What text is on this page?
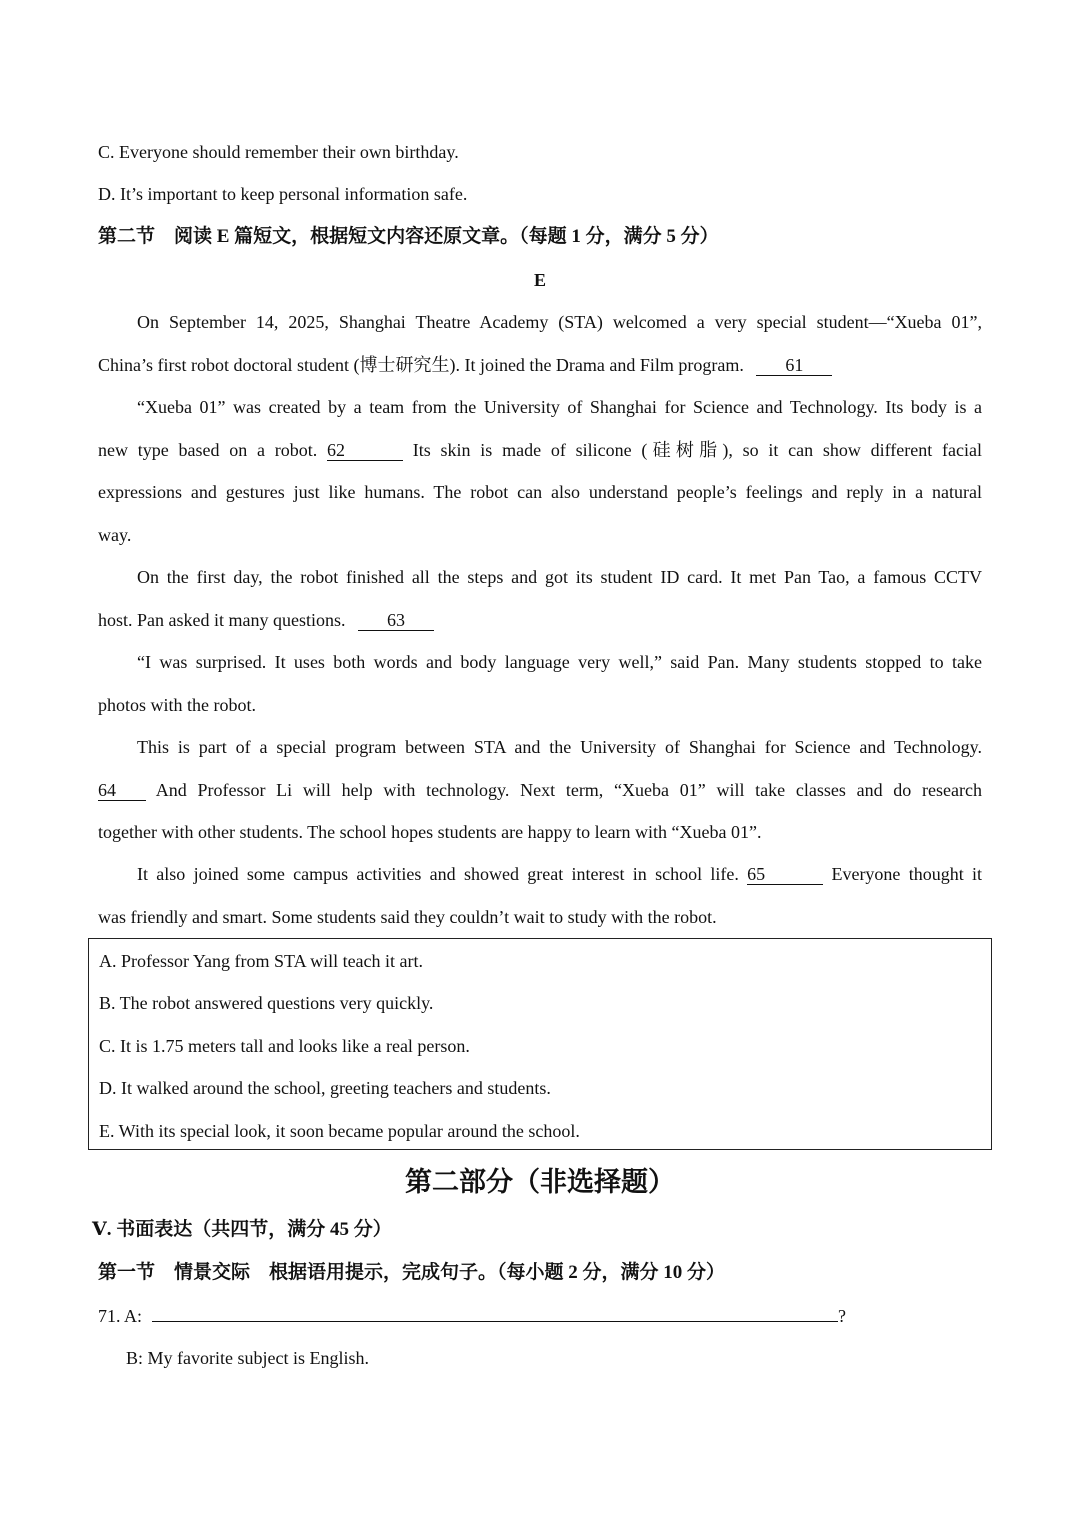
C. Everyone should remember their own birthday.
D. It’s important to keep personal information safe.
第二节　阅读 E 篇短文，根据短文内容还原文章。（每题 1 分，满分 5 分）
E
On September 14, 2025, Shanghai Theatre Academy (STA) welcomed a very special student—“Xueba 01”,
China’s first robot doctoral student (博士研究生). It joined the Drama and Film program. 61
“Xueba 01” was created by a team from the University of Shanghai for Science and Technology. Its body is a
new type based on a robot. 62	Its skin is made of silicone (硅树脂), so it can show different facial
expressions and gestures just like humans. The robot can also understand people’s feelings and reply in a natural
way.
On the first day, the robot finished all the steps and got its student ID card. It met Pan Tao, a famous CCTV
host. Pan asked it many questions. 63
“I was surprised. It uses both words and body language very well,” said Pan. Many students stopped to take
photos with the robot.
This is part of a special program between STA and the University of Shanghai for Science and Technology.
64 And Professor Li will help with technology. Next term, “Xueba 01” will take classes and do research
together with other students. The school hopes students are happy to learn with “Xueba 01”.
It also joined some campus activities and showed great interest in school life. 65	Everyone thought it
was friendly and smart. Some students said they couldn’t wait to study with the robot.
A. Professor Yang from STA will teach it art.
B. The robot answered questions very quickly.
C. It is 1.75 meters tall and looks like a real person.
D. It walked around the school, greeting teachers and students.
E. With its special look, it soon became popular around the school.
第二部分（非选择题）
Ⅴ. 书面表达（共四节，满分 45 分）
第一节　情景交际　根据语用提示，完成句子。（每小题 2 分，满分 10 分）
71. A:	?
B: My favorite subject is English.
